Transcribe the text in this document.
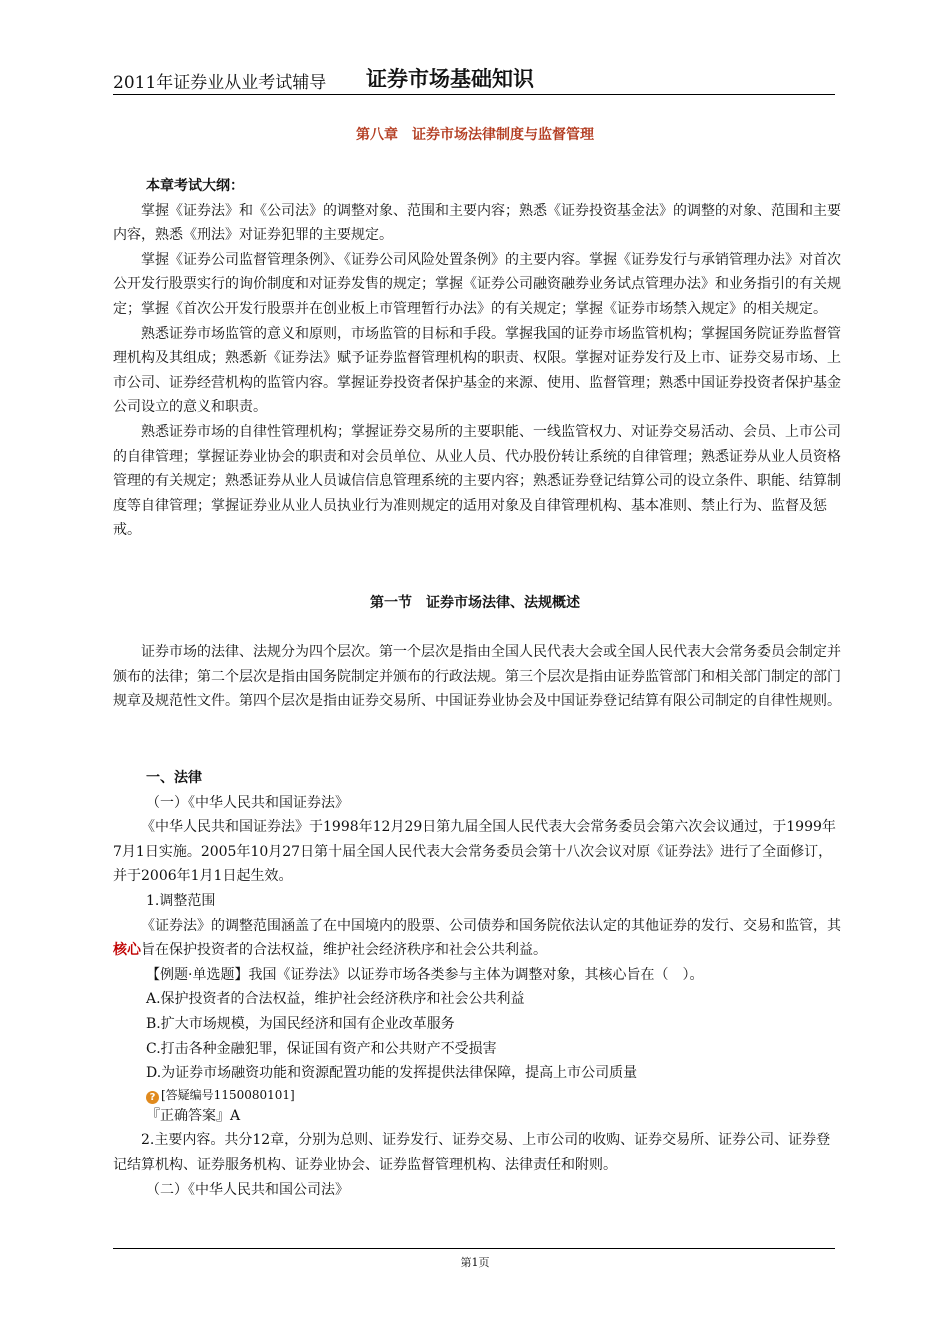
2011年证券业从业考试辅导 证券市场基础知识
第八章　证券市场法律制度与监督管理

本章考试大纲：

掌握《证券法》和《公司法》的调整对象、范围和主要内容；熟悉《证券投资基金法》的调整的对象、范围和主要内容，熟悉《刑法》对证券犯罪的主要规定。

掌握《证券公司监督管理条例》、《证券公司风险处置条例》的主要内容。掌握《证券发行与承销管理办法》对首次公开发行股票实行的询价制度和对证券发售的规定；掌握《证券公司融资融券业务试点管理办法》和业务指引的有关规定；掌握《首次公开发行股票并在创业板上市管理暂行办法》的有关规定；掌握《证券市场禁入规定》的相关规定。

熟悉证券市场监管的意义和原则，市场监管的目标和手段。掌握我国的证券市场监管机构；掌握国务院证券监督管理机构及其组成；熟悉新《证券法》赋予证券监督管理机构的职责、权限。掌握对证券发行及上市、证券交易市场、上市公司、证券经营机构的监管内容。掌握证券投资者保护基金的来源、使用、监督管理；熟悉中国证券投资者保护基金公司设立的意义和职责。

熟悉证券市场的自律性管理机构；掌握证券交易所的主要职能、一线监管权力、对证券交易活动、会员、上市公司的自律管理；掌握证券业协会的职责和对会员单位、从业人员、代办股份转让系统的自律管理；熟悉证券从业人员资格管理的有关规定；熟悉证券从业人员诚信信息管理系统的主要内容；熟悉证券登记结算公司的设立条件、职能、结算制度等自律管理；掌握证券业从业人员执业行为准则规定的适用对象及自律管理机构、基本准则、禁止行为、监督及惩戒。

第一节　证券市场法律、法规概述

证券市场的法律、法规分为四个层次。第一个层次是指由全国人民代表大会或全国人民代表大会常务委员会制定并颁布的法律；第二个层次是指由国务院制定并颁布的行政法规。第三个层次是指由证券监管部门和相关部门制定的部门规章及规范性文件。第四个层次是指由证券交易所、中国证券业协会及中国证券登记结算有限公司制定的自律性规则。

一、法律

（一）《中华人民共和国证券法》

《中华人民共和国证券法》于1998年12月29日第九届全国人民代表大会常务委员会第六次会议通过，于1999年7月1日实施。2005年10月27日第十届全国人民代表大会常务委员会第十八次会议对原《证券法》进行了全面修订，并于2006年1月1日起生效。

1.调整范围

《证券法》的调整范围涵盖了在中国境内的股票、公司债券和国务院依法认定的其他证券的发行、交易和监管，其核心旨在保护投资者的合法权益，维护社会经济秩序和社会公共利益。

【例题·单选题】我国《证券法》以证券市场各类参与主体为调整对象，其核心旨在（　）。

A.保护投资者的合法权益，维护社会经济秩序和社会公共利益

B.扩大市场规模，为国民经济和国有企业改革服务

C.打击各种金融犯罪，保证国有资产和公共财产不受损害

D.为证券市场融资功能和资源配置功能的发挥提供法律保障，提高上市公司质量

? [答疑编号1150080101]

『正确答案』A

2.主要内容。共分12章，分别为总则、证券发行、证券交易、上市公司的收购、证券交易所、证券公司、证券登记结算机构、证券服务机构、证券业协会、证券监督管理机构、法律责任和附则。

（二）《中华人民共和国公司法》

第1页
